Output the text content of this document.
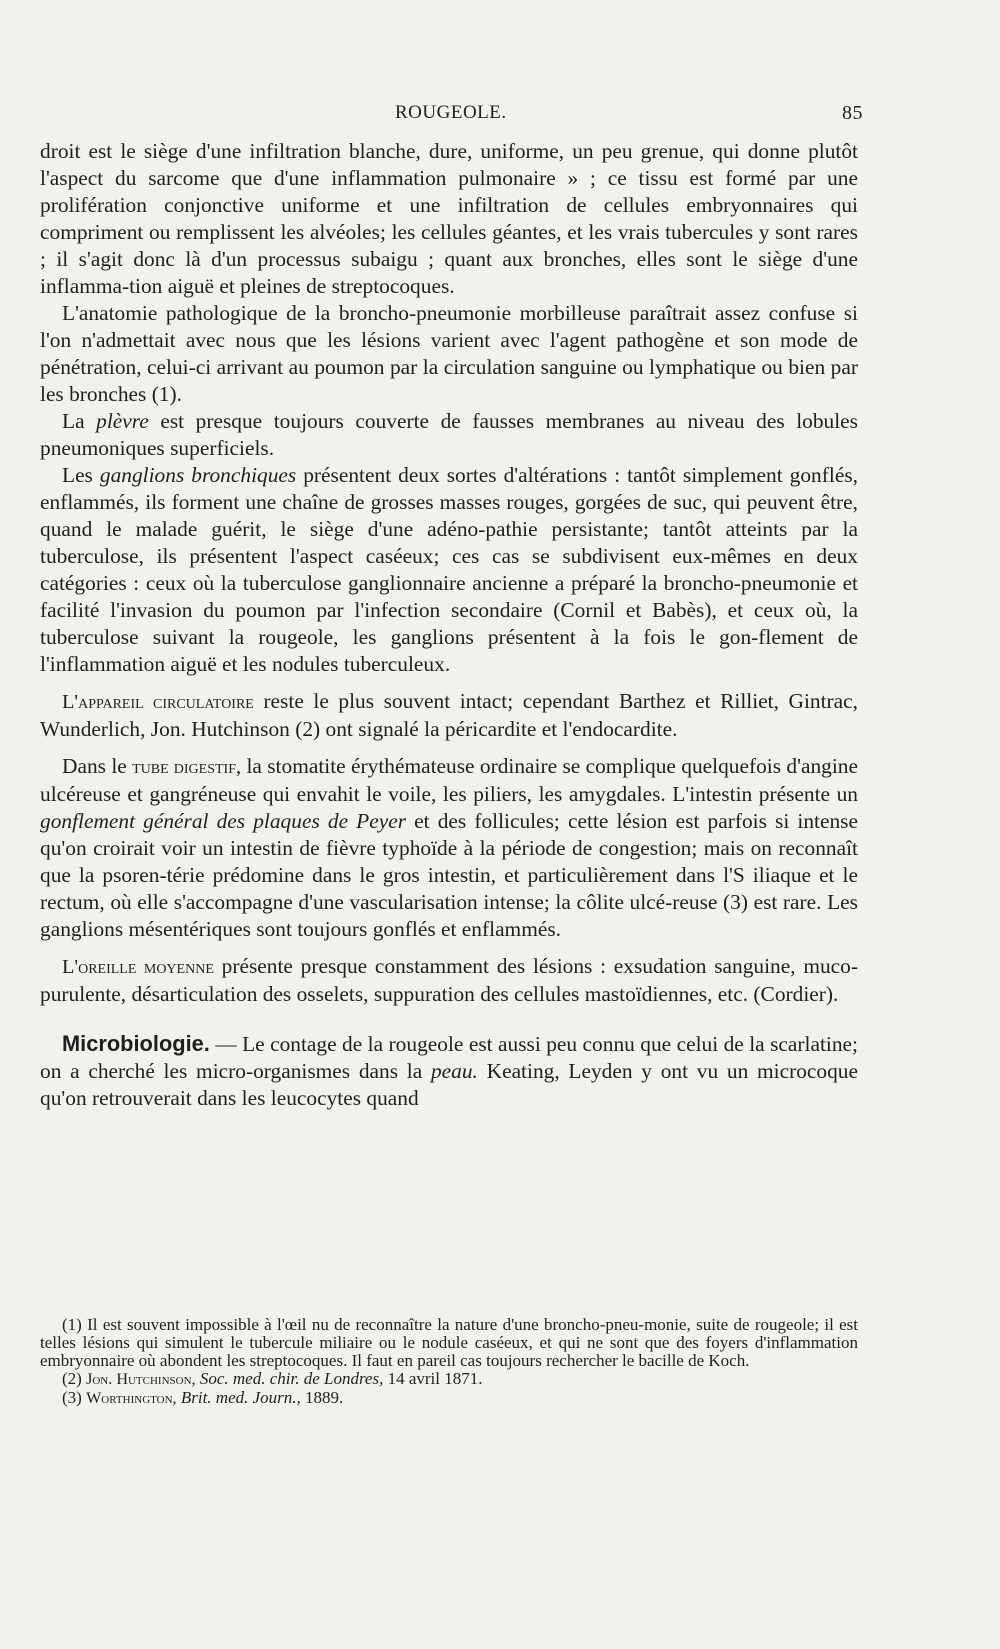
ROUGEOLE.	85

droit est le siège d'une infiltration blanche, dure, uniforme, un peu grenue, qui donne plutôt l'aspect du sarcome que d'une inflammation pulmonaire » ; ce tissu est formé par une prolifération conjonctive uniforme et une infiltration de cellules embryonnaires qui compriment ou remplissent les alvéoles; les cellules géantes, et les vrais tubercules y sont rares ; il s'agit donc là d'un processus subaigu ; quant aux bronches, elles sont le siège d'une inflamma-tion aiguë et pleines de streptocoques.

L'anatomie pathologique de la broncho-pneumonie morbilleuse paraîtrait assez confuse si l'on n'admettait avec nous que les lésions varient avec l'agent pathogène et son mode de pénétration, celui-ci arrivant au poumon par la circulation sanguine ou lymphatique ou bien par les bronches (1).

La plèvre est presque toujours couverte de fausses membranes au niveau des lobules pneumoniques superficiels.

Les ganglions bronchiques présentent deux sortes d'altérations : tantôt simplement gonflés, enflammés, ils forment une chaîne de grosses masses rouges, gorgées de suc, qui peuvent être, quand le malade guérit, le siège d'une adéno-pathie persistante; tantôt atteints par la tuberculose, ils présentent l'aspect caséeux; ces cas se subdivisent eux-mêmes en deux catégories : ceux où la tuberculose ganglionnaire ancienne a préparé la broncho-pneumonie et facilité l'invasion du poumon par l'infection secondaire (Cornil et Babès), et ceux où, la tuberculose suivant la rougeole, les ganglions présentent à la fois le gon-flement de l'inflammation aiguë et les nodules tuberculeux.

L'appareil circulatoire reste le plus souvent intact; cependant Barthez et Rilliet, Gintrac, Wunderlich, Jon. Hutchinson (2) ont signalé la péricardite et l'endocardite.

Dans le tube digestif, la stomatite érythémateuse ordinaire se complique quelquefois d'angine ulcéreuse et gangréneuse qui envahit le voile, les piliers, les amygdales. L'intestin présente un gonflement général des plaques de Peyer et des follicules; cette lésion est parfois si intense qu'on croirait voir un intestin de fièvre typhoïde à la période de congestion; mais on reconnaît que la psoren-térie prédomine dans le gros intestin, et particulièrement dans l'S iliaque et le rectum, où elle s'accompagne d'une vascularisation intense; la côlite ulcé-reuse (3) est rare. Les ganglions mésentériques sont toujours gonflés et enflammés.

L'oreille moyenne présente presque constamment des lésions : exsudation sanguine, muco-purulente, désarticulation des osselets, suppuration des cellules mastoïdiennes, etc. (Cordier).

Microbiologie. — Le contage de la rougeole est aussi peu connu que celui de la scarlatine; on a cherché les micro-organismes dans la peau. Keating, Leyden y ont vu un microcoque qu'on retrouverait dans les leucocytes quand

(1) Il est souvent impossible à l'œil nu de reconnaître la nature d'une broncho-pneu-monie, suite de rougeole; il est telles lésions qui simulent le tubercule miliaire ou le nodule caséeux, et qui ne sont que des foyers d'inflammation embryonnaire où abondent les streptocoques. Il faut en pareil cas toujours rechercher le bacille de Koch.

(2) Jon. Hutchinson, Soc. med. chir. de Londres, 14 avril 1871.

(3) Worthington, Brit. med. Journ., 1889.
